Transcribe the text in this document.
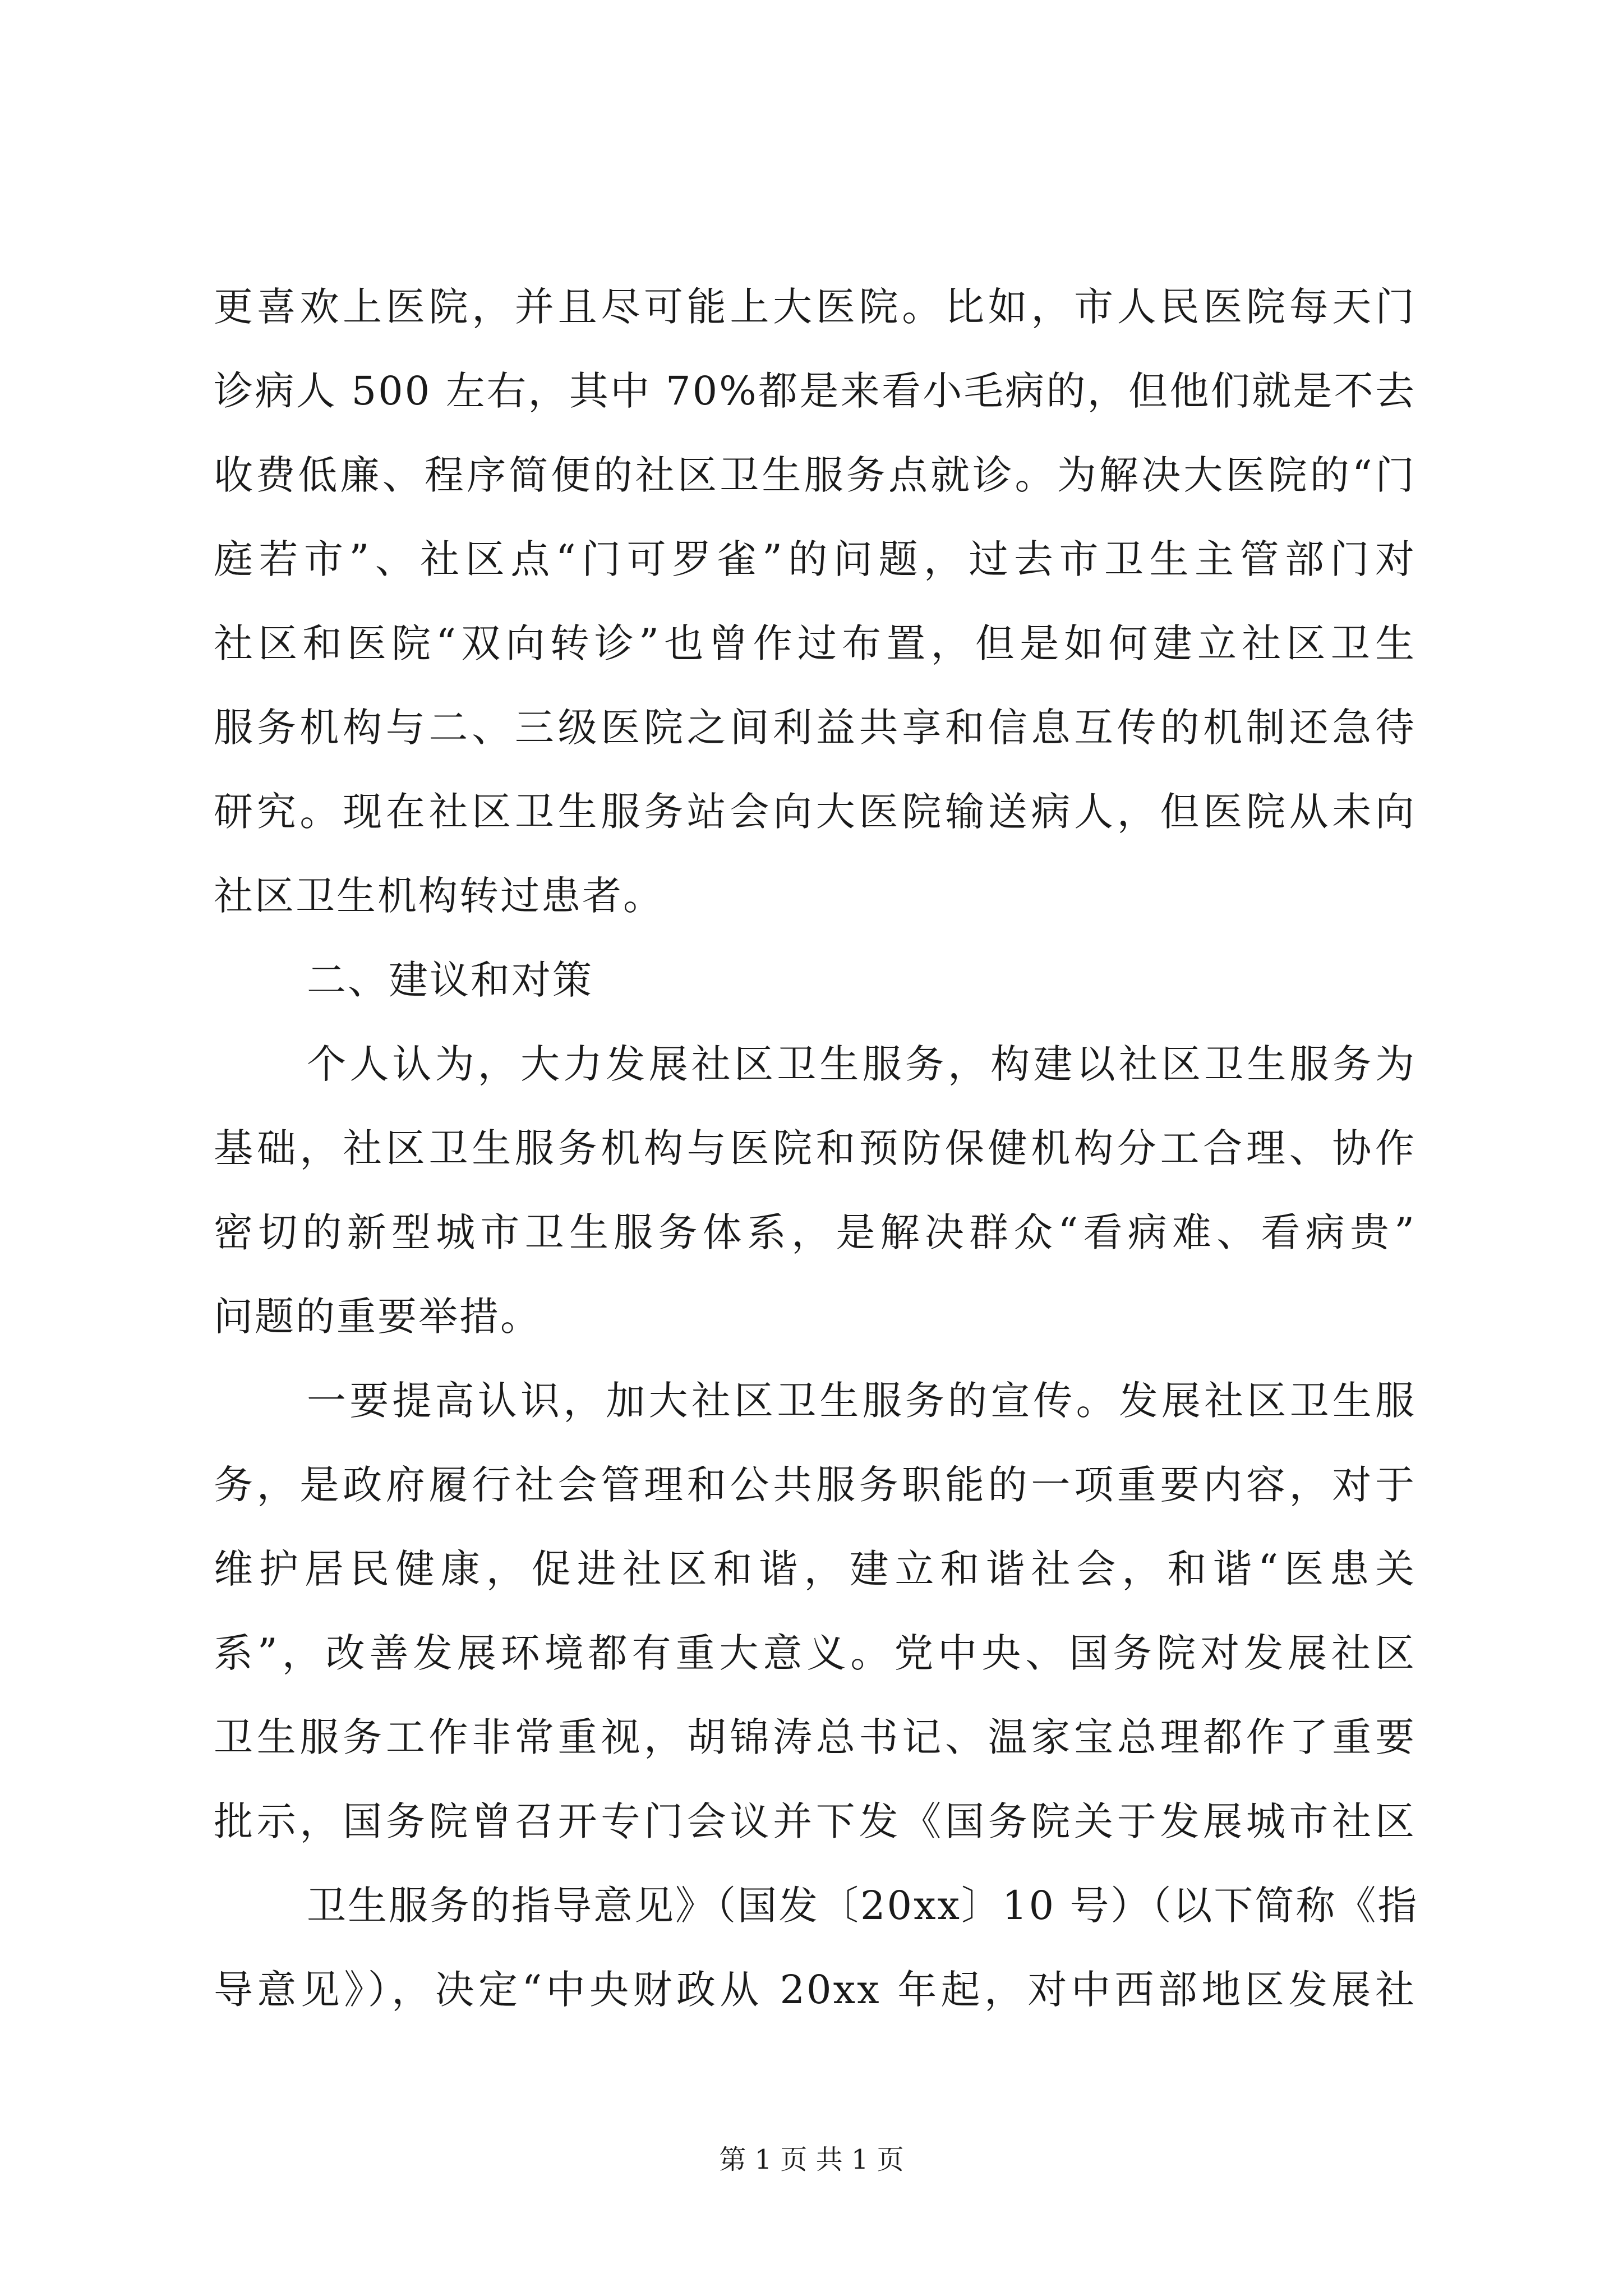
更喜欢上医院，并且尽可能上大医院。比如，市人民医院每天门
诊病人 500 左右，其中 70%都是来看小毛病的，但他们就是不去
收费低廉、程序简便的社区卫生服务点就诊。为解决大医院的“门
庭若市”、社区点“门可罗雀”的问题，过去市卫生主管部门对
社区和医院“双向转诊”也曾作过布置，但是如何建立社区卫生
服务机构与二、三级医院之间利益共享和信息互传的机制还急待
研究。现在社区卫生服务站会向大医院输送病人，但医院从未向
社区卫生机构转过患者。
二、建议和对策
个人认为，大力发展社区卫生服务，构建以社区卫生服务为
基础，社区卫生服务机构与医院和预防保健机构分工合理、协作
密切的新型城市卫生服务体系，是解决群众“看病难、看病贵”
问题的重要举措。
一要提高认识，加大社区卫生服务的宣传。发展社区卫生服
务，是政府履行社会管理和公共服务职能的一项重要内容，对于
维护居民健康，促进社区和谐，建立和谐社会，和谐“医患关
系”，改善发展环境都有重大意义。党中央、国务院对发展社区
卫生服务工作非常重视，胡锦涛总书记、温家宝总理都作了重要
批示，国务院曾召开专门会议并下发《国务院关于发展城市社区
卫生服务的指导意见》（国发〔20xx〕10 号）（以下简称《指
导意见》），决定“中央财政从 20xx 年起，对中西部地区发展社
第 1 页 共 1 页
